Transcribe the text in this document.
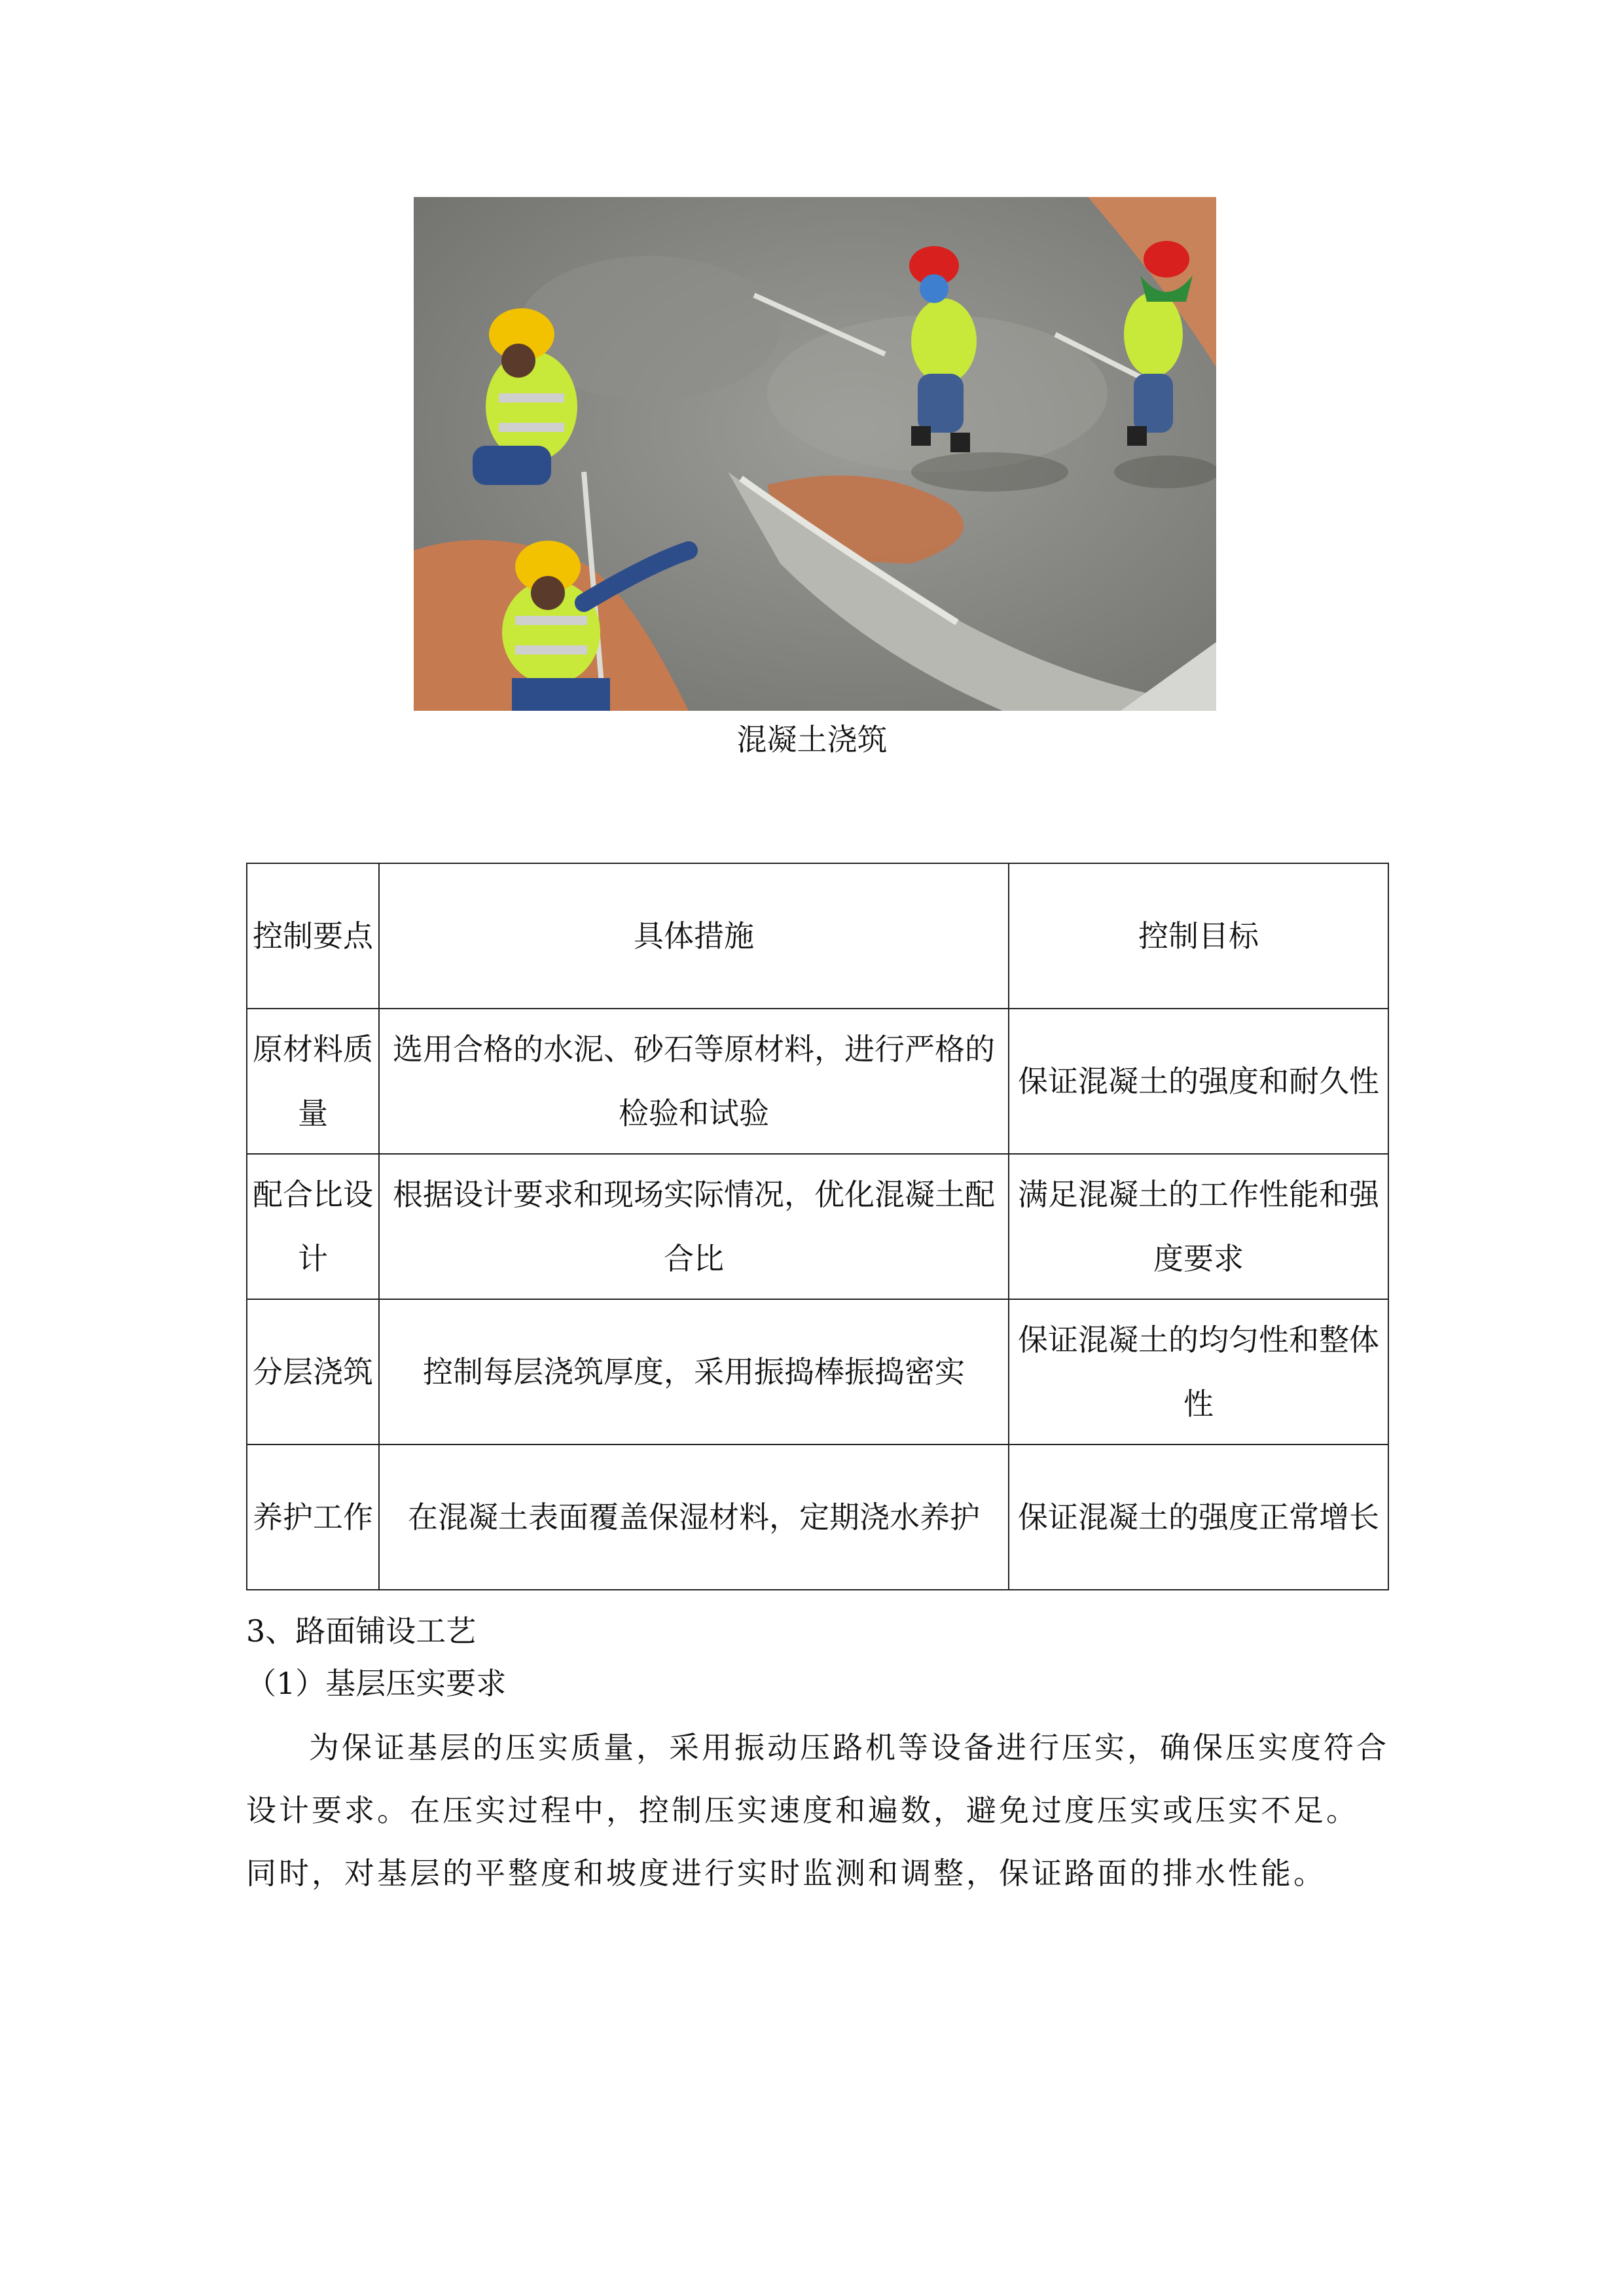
混凝土浇筑
控制要点	具体措施	控制目标
原材料质量	选用合格的水泥、砂石等原材料，进行严格的检验和试验	保证混凝土的强度和耐久性
配合比设计	根据设计要求和现场实际情况，优化混凝土配合比	满足混凝土的工作性能和强度要求
分层浇筑	控制每层浇筑厚度，采用振捣棒振捣密实	保证混凝土的均匀性和整体性
养护工作	在混凝土表面覆盖保湿材料，定期浇水养护	保证混凝土的强度正常增长
3、路面铺设工艺
（1）基层压实要求
为保证基层的压实质量，采用振动压路机等设备进行压实，确保压实度符合设计要求。在压实过程中，控制压实速度和遍数，避免过度压实或压实不足。同时，对基层的平整度和坡度进行实时监测和调整，保证路面的排水性能。
